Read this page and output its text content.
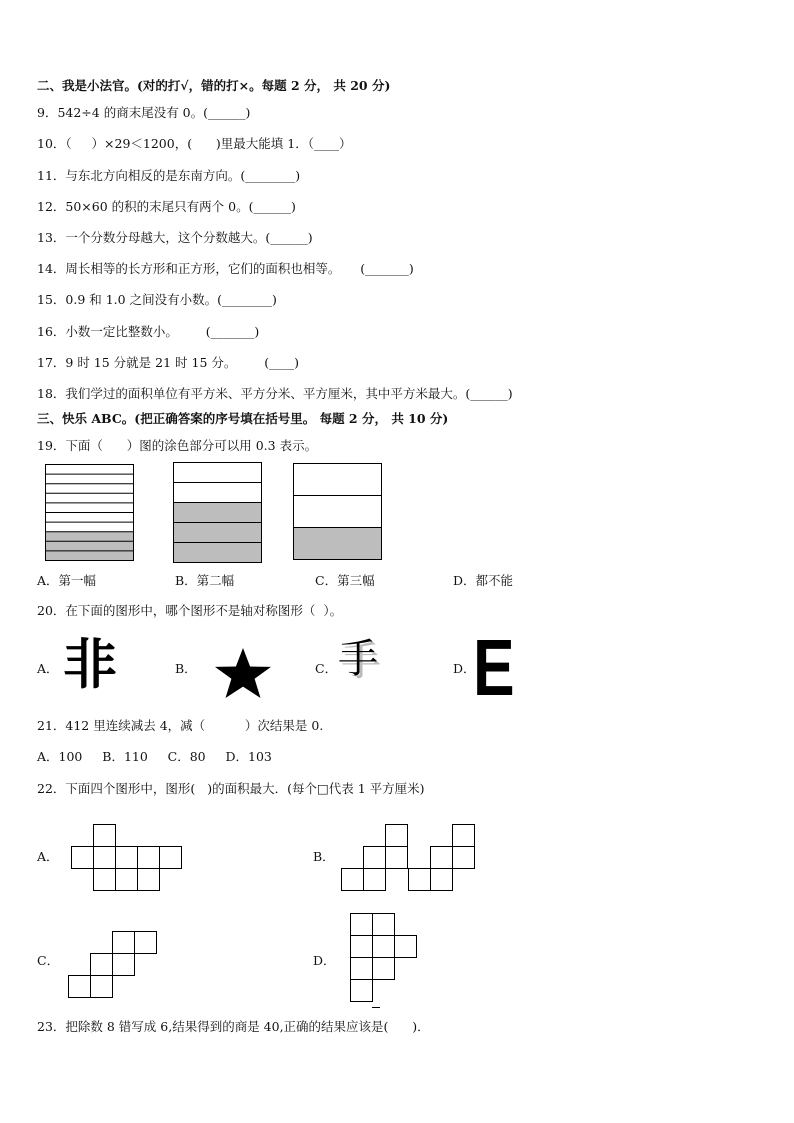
二、我是小法官。(对的打√，错的打×。每题 2 分， 共 20 分)
9．542÷4 的商末尾没有 0。(______)
10．（     ）×29＜1200，(      )里最大能填 1．（____）
11．与东北方向相反的是东南方向。(________)
12．50×60 的积的末尾只有两个 0。(______)
13．一个分数分母越大，这个分数越大。(______)
14．周长相等的长方形和正方形，它们的面积也相等。     (_______)
15．0.9 和 1.0 之间没有小数。(________)
16．小数一定比整数小。       (_______)
17．9 时 15 分就是 21 时 15 分。       (____)
18．我们学过的面积单位有平方米、平方分米、平方厘米，其中平方米最大。(______)
三、快乐 ABC。(把正确答案的序号填在括号里。 每题 2 分， 共 10 分)
19．下面（      ）图的涂色部分可以用 0.3 表示。
A．第一幅	B．第二幅	C．第三幅	D．都不能
20．在下面的图形中，哪个图形不是轴对称图形（  ）。
A． 非	B．	C． 手	D．
E
21．412 里连续减去 4，减（          ）次结果是 0.
A．100     B．110     C．80     D．103
22．下面四个图形中，图形(   )的面积最大．(每个□代表 1 平方厘米)
A．	B．
C．	D．
23．把除数 8 错写成 6,结果得到的商是 40,正确的结果应该是(      )．
